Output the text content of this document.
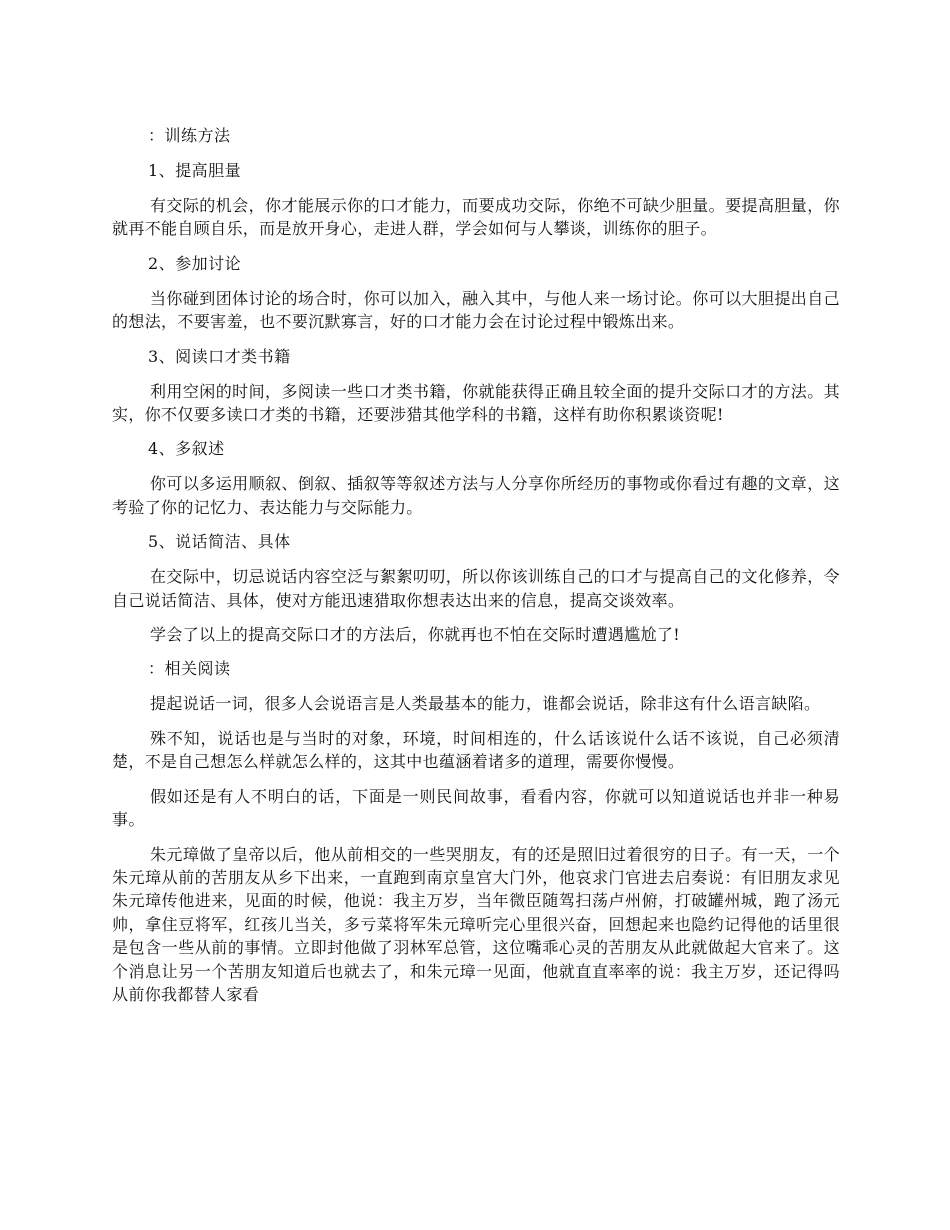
：训练方法
1、提高胆量

有交际的机会，你才能展示你的口才能力，而要成功交际，你绝不可缺少胆量。要提高胆量，你就再不能自顾自乐，而是放开身心，走进人群，学会如何与人攀谈，训练你的胆子。

2、参加讨论

当你碰到团体讨论的场合时，你可以加入，融入其中，与他人来一场讨论。你可以大胆提出自己的想法，不要害羞，也不要沉默寡言，好的口才能力会在讨论过程中锻炼出来。

3、阅读口才类书籍

利用空闲的时间，多阅读一些口才类书籍，你就能获得正确且较全面的提升交际口才的方法。其实，你不仅要多读口才类的书籍，还要涉猎其他学科的书籍，这样有助你积累谈资呢!

4、多叙述

你可以多运用顺叙、倒叙、插叙等等叙述方法与人分享你所经历的事物或你看过有趣的文章，这考验了你的记忆力、表达能力与交际能力。

5、说话简洁、具体

在交际中，切忌说话内容空泛与絮絮叨叨，所以你该训练自己的口才与提高自己的文化修养，令自己说话简洁、具体，使对方能迅速猎取你想表达出来的信息，提高交谈效率。

学会了以上的提高交际口才的方法后，你就再也不怕在交际时遭遇尴尬了!

：相关阅读

提起说话一词，很多人会说语言是人类最基本的能力，谁都会说话，除非这有什么语言缺陷。

殊不知，说话也是与当时的对象，环境，时间相连的，什么话该说什么话不该说，自己必须清楚，不是自己想怎么样就怎么样的，这其中也蕴涵着诸多的道理，需要你慢慢。

假如还是有人不明白的话，下面是一则民间故事，看看内容，你就可以知道说话也并非一种易事。

朱元璋做了皇帝以后，他从前相交的一些哭朋友，有的还是照旧过着很穷的日子。有一天，一个朱元璋从前的苦朋友从乡下出来，一直跑到南京皇宫大门外，他哀求门官进去启奏说：有旧朋友求见朱元璋传他进来，见面的时候，他说：我主万岁，当年微臣随驾扫荡卢州俯，打破罐州城，跑了汤元帅，拿住豆将军，红孩儿当关，多亏菜将军朱元璋听完心里很兴奋，回想起来也隐约记得他的话里很是包含一些从前的事情。立即封他做了羽林军总管，这位嘴乖心灵的苦朋友从此就做起大官来了。这个消息让另一个苦朋友知道后也就去了，和朱元璋一见面，他就直直率率的说：我主万岁，还记得吗从前你我都替人家看
